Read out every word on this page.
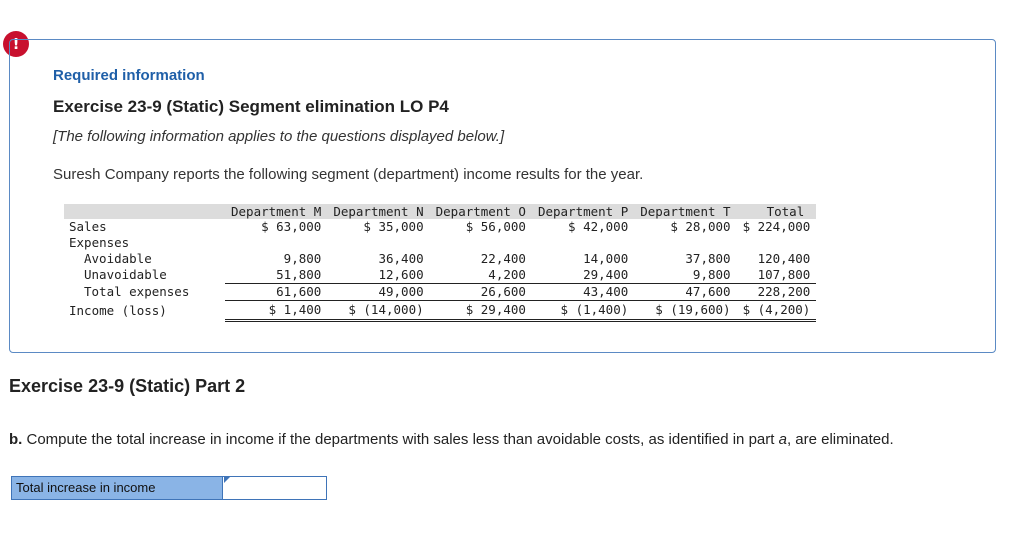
!
Required information
Exercise 23-9 (Static) Segment elimination LO P4
[The following information applies to the questions displayed below.]
Suresh Company reports the following segment (department) income results for the year.
	Department M	Department N	Department O	Department P	Department T	Total
Sales	$ 63,000	$ 35,000	$ 56,000	$ 42,000	$ 28,000	$ 224,000
Expenses						
Avoidable	9,800	36,400	22,400	14,000	37,800	120,400
Unavoidable	51,800	12,600	4,200	29,400	9,800	107,800
Total expenses	61,600	49,000	26,600	43,400	47,600	228,200
Income (loss)	$ 1,400	$ (14,000)	$ 29,400	$ (1,400)	$ (19,600)	$ (4,200)
Exercise 23-9 (Static) Part 2
b. Compute the total increase in income if the departments with sales less than avoidable costs, as identified in part a, are eliminated.
Total increase in income
